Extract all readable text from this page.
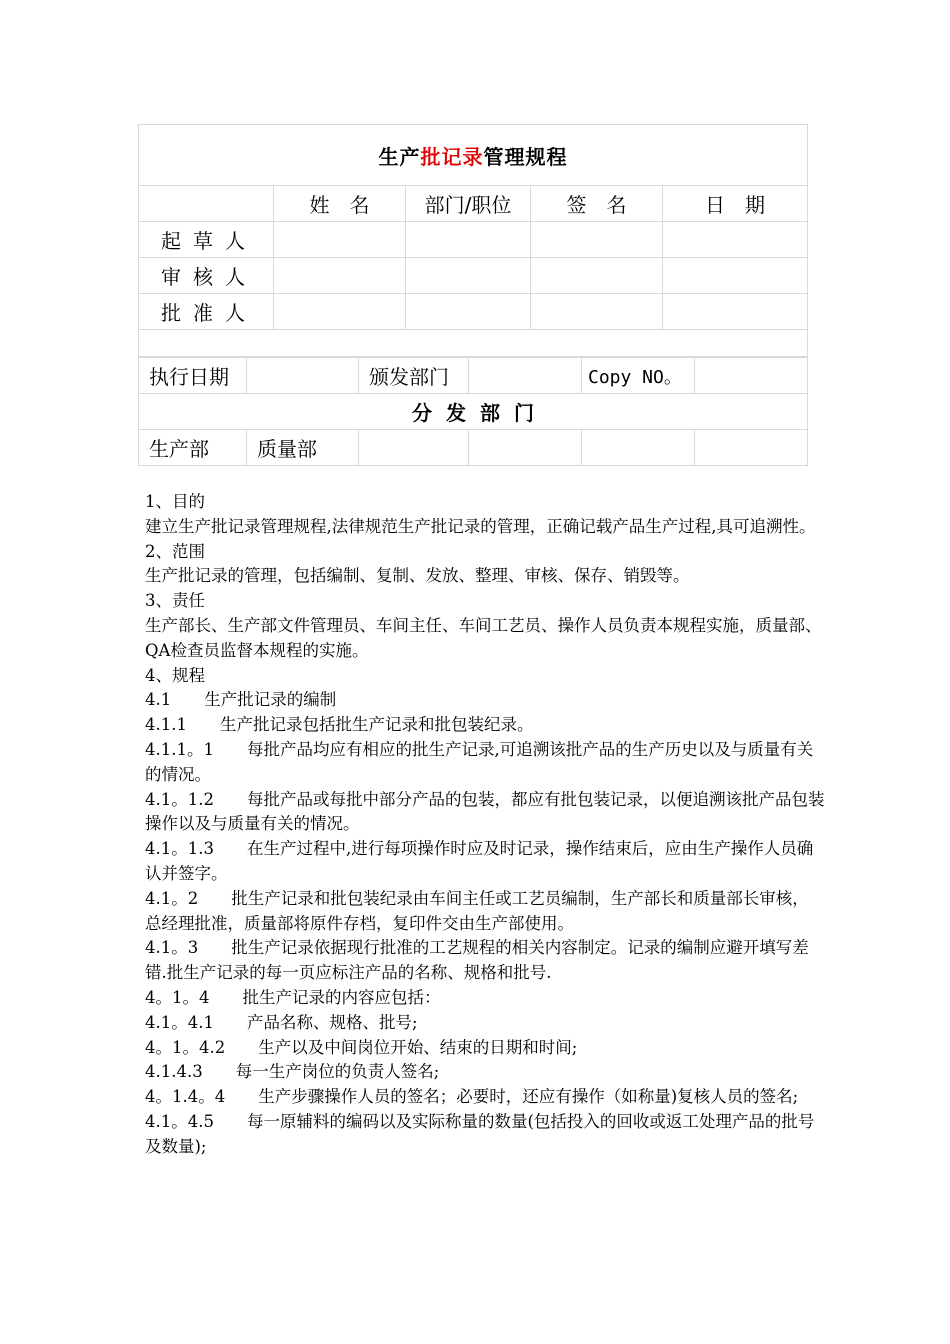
生产批记录管理规程				
	姓　名	部门/职位	签　名	日　期
起草人				
审核人				
批准人				

执行日期		颁发部门		Copy NO。	
分发部门					
生产部	质量部				

1、目的

建立生产批记录管理规程,法律规范生产批记录的管理，正确记载产品生产过程,具可追溯性。

2、范围

生产批记录的管理，包括编制、复制、发放、整理、审核、保存、销毁等。

3、责任

生产部长、生产部文件管理员、车间主任、车间工艺员、操作人员负责本规程实施，质量部、QA检查员监督本规程的实施。

4、规程

4.1　　生产批记录的编制

4.1.1　　生产批记录包括批生产记录和批包装纪录。

4.1.1。1　　每批产品均应有相应的批生产记录,可追溯该批产品的生产历史以及与质量有关的情况。

4.1。1.2　　每批产品或每批中部分产品的包装，都应有批包装记录，以便追溯该批产品包装操作以及与质量有关的情况。

4.1。1.3　　在生产过程中,进行每项操作时应及时记录，操作结束后，应由生产操作人员确认并签字。

4.1。2　　批生产记录和批包装纪录由车间主任或工艺员编制，生产部长和质量部长审核，总经理批准，质量部将原件存档，复印件交由生产部使用。

4.1。3　　批生产记录依据现行批准的工艺规程的相关内容制定。记录的编制应避开填写差错.批生产记录的每一页应标注产品的名称、规格和批号.

4。1。4　　批生产记录的内容应包括：

4.1。4.1　　产品名称、规格、批号;

4。1。4.2　　生产以及中间岗位开始、结束的日期和时间;

4.1.4.3　　每一生产岗位的负责人签名;

4。1.4。4　　生产步骤操作人员的签名；必要时，还应有操作（如称量)复核人员的签名;

4.1。4.5　　每一原辅料的编码以及实际称量的数量(包括投入的回收或返工处理产品的批号及数量);
